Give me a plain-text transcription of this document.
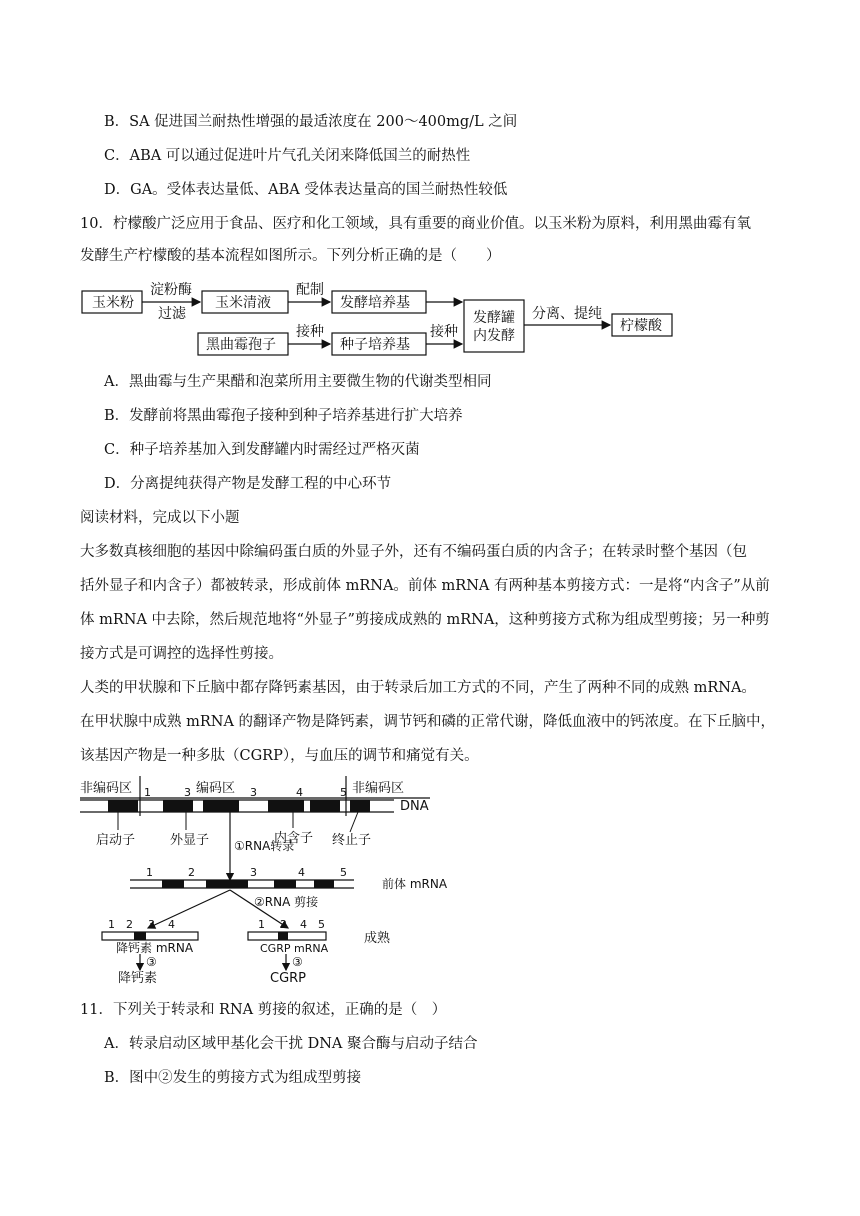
B．SA 促进国兰耐热性增强的最适浓度在 200～400mg/L 之间
C．ABA 可以通过促进叶片气孔关闭来降低国兰的耐热性
D．GA。受体表达量低、ABA 受体表达量高的国兰耐热性较低
10．柠檬酸广泛应用于食品、医疗和化工领域，具有重要的商业价值。以玉米粉为原料，利用黑曲霉有氧
发酵生产柠檬酸的基本流程如图所示。下列分析正确的是（　　）
玉米粉
淀粉酶
过滤
玉米清液
配制
发酵培养基
黑曲霉孢子
接种
种子培养基
接种
发酵罐
内发酵
分离、提纯
柠檬酸
A．黑曲霉与生产果醋和泡菜所用主要微生物的代谢类型相同
B．发酵前将黑曲霉孢子接种到种子培养基进行扩大培养
C．种子培养基加入到发酵罐内时需经过严格灭菌
D．分离提纯获得产物是发酵工程的中心环节
阅读材料，完成以下小题
大多数真核细胞的基因中除编码蛋白质的外显子外，还有不编码蛋白质的内含子；在转录时整个基因（包
括外显子和内含子）都被转录，形成前体 mRNA。前体 mRNA 有两种基本剪接方式：一是将“内含子”从前
体 mRNA 中去除，然后规范地将“外显子”剪接成成熟的 mRNA，这种剪接方式称为组成型剪接；另一种剪
接方式是可调控的选择性剪接。
人类的甲状腺和下丘脑中都存降钙素基因，由于转录后加工方式的不同，产生了两种不同的成熟 mRNA。
在甲状腺中成熟 mRNA 的翻译产物是降钙素，调节钙和磷的正常代谢，降低血液中的钙浓度。在下丘脑中，
该基因产物是一种多肽（CGRP），与血压的调节和痛觉有关。
非编码区	编码区	非编码区
1	3	3	4	5
DNA
启动子	外显子	内含子 终止子
①RNA转录
1	2	3	4	5
前体 mRNA
②RNA 剪接
1 2 3 4	1 2 4 5
成熟
降钙素 mRNA	CGRP mRNA
③	③
降钙素	CGRP
11．下列关于转录和 RNA 剪接的叙述，正确的是（　）
A．转录启动区域甲基化会干扰 DNA 聚合酶与启动子结合
B．图中②发生的剪接方式为组成型剪接
